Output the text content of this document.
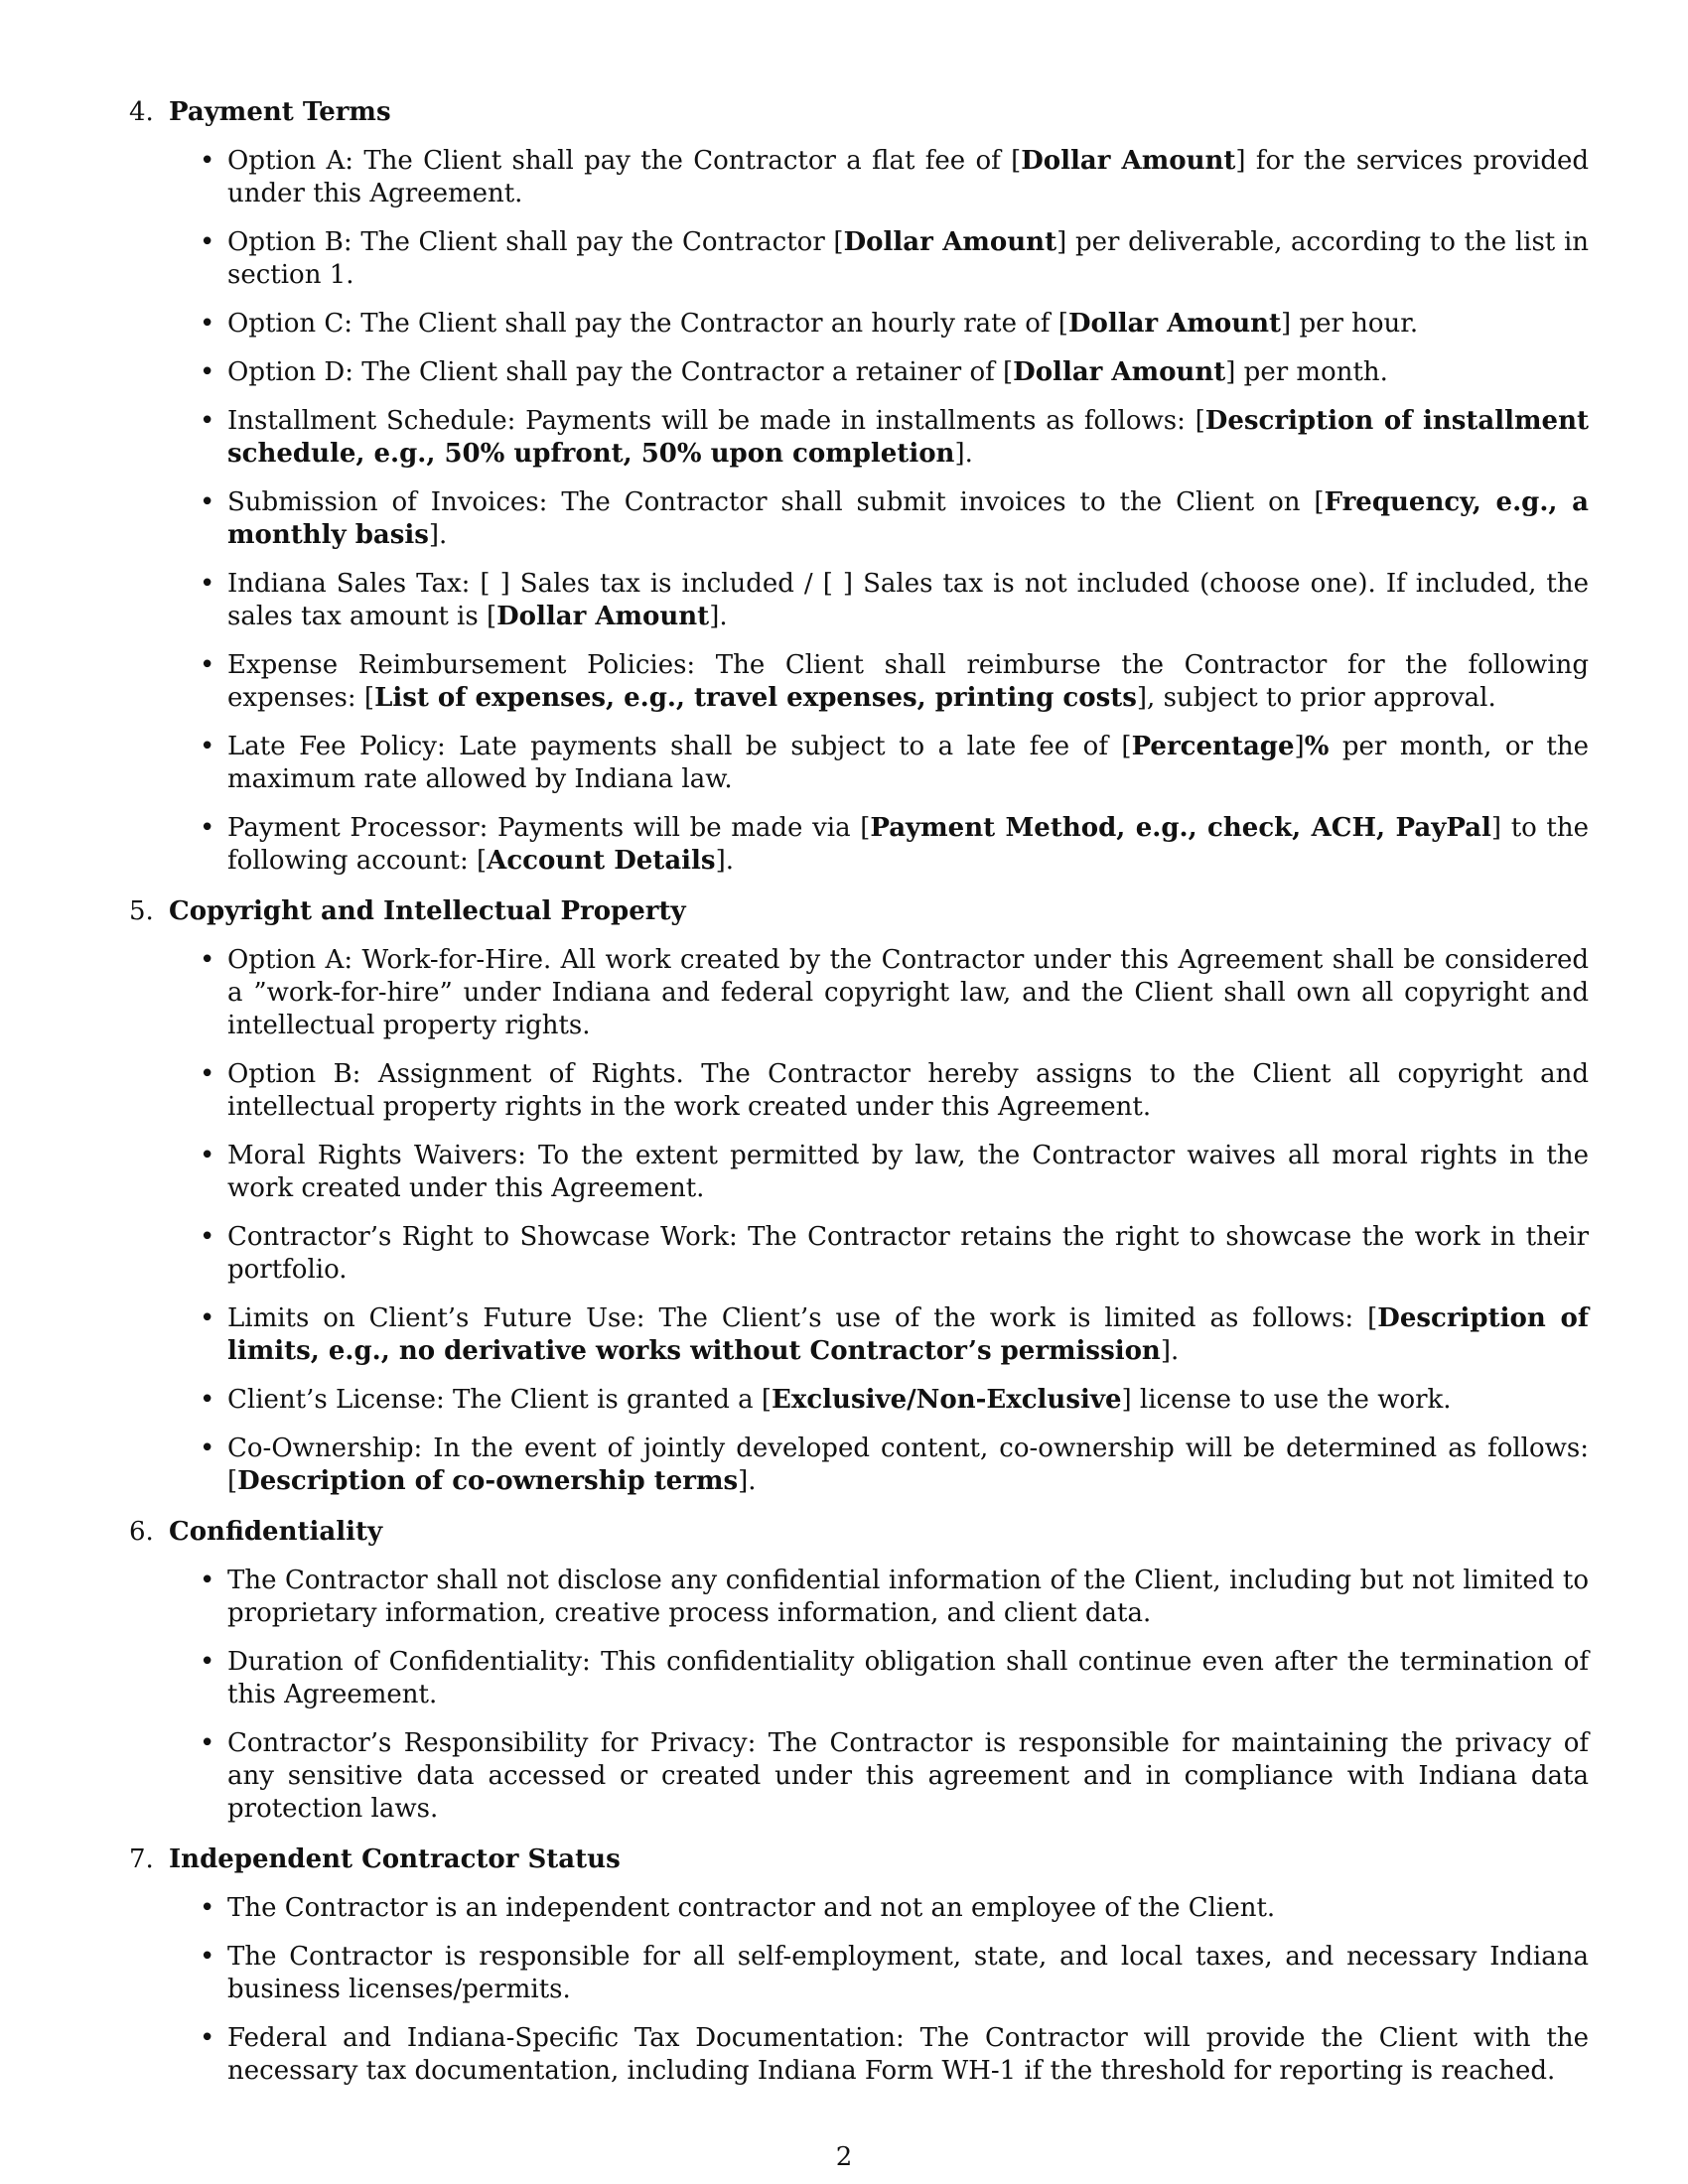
4. Payment Terms
• Option A: The Client shall pay the Contractor a flat fee of [Dollar Amount] for the services provided under this Agreement.
• Option B: The Client shall pay the Contractor [Dollar Amount] per deliverable, according to the list in section 1.
• Option C: The Client shall pay the Contractor an hourly rate of [Dollar Amount] per hour.
• Option D: The Client shall pay the Contractor a retainer of [Dollar Amount] per month.
• Installment Schedule: Payments will be made in installments as follows: [Description of installment schedule, e.g., 50% upfront, 50% upon completion].
• Submission of Invoices: The Contractor shall submit invoices to the Client on [Frequency, e.g., a monthly basis].
• Indiana Sales Tax: [ ] Sales tax is included / [ ] Sales tax is not included (choose one). If included, the sales tax amount is [Dollar Amount].
• Expense Reimbursement Policies: The Client shall reimburse the Contractor for the following expenses: [List of expenses, e.g., travel expenses, printing costs], subject to prior approval.
• Late Fee Policy: Late payments shall be subject to a late fee of [Percentage]% per month, or the maximum rate allowed by Indiana law.
• Payment Processor: Payments will be made via [Payment Method, e.g., check, ACH, PayPal] to the following account: [Account Details].
5. Copyright and Intellectual Property
• Option A: Work-for-Hire. All work created by the Contractor under this Agreement shall be considered a ”work-for-hire” under Indiana and federal copyright law, and the Client shall own all copyright and intellectual property rights.
• Option B: Assignment of Rights. The Contractor hereby assigns to the Client all copyright and intellectual property rights in the work created under this Agreement.
• Moral Rights Waivers: To the extent permitted by law, the Contractor waives all moral rights in the work created under this Agreement.
• Contractor’s Right to Showcase Work: The Contractor retains the right to showcase the work in their portfolio.
• Limits on Client’s Future Use: The Client’s use of the work is limited as follows: [Description of limits, e.g., no derivative works without Contractor’s permission].
• Client’s License: The Client is granted a [Exclusive/Non-Exclusive] license to use the work.
• Co-Ownership: In the event of jointly developed content, co-ownership will be determined as follows: [Description of co-ownership terms].
6. Confidentiality
• The Contractor shall not disclose any confidential information of the Client, including but not limited to proprietary information, creative process information, and client data.
• Duration of Confidentiality: This confidentiality obligation shall continue even after the termination of this Agreement.
• Contractor’s Responsibility for Privacy: The Contractor is responsible for maintaining the privacy of any sensitive data accessed or created under this agreement and in compliance with Indiana data protection laws.
7. Independent Contractor Status
• The Contractor is an independent contractor and not an employee of the Client.
• The Contractor is responsible for all self-employment, state, and local taxes, and necessary Indiana business licenses/permits.
• Federal and Indiana-Specific Tax Documentation: The Contractor will provide the Client with the necessary tax documentation, including Indiana Form WH-1 if the threshold for reporting is reached.
2
